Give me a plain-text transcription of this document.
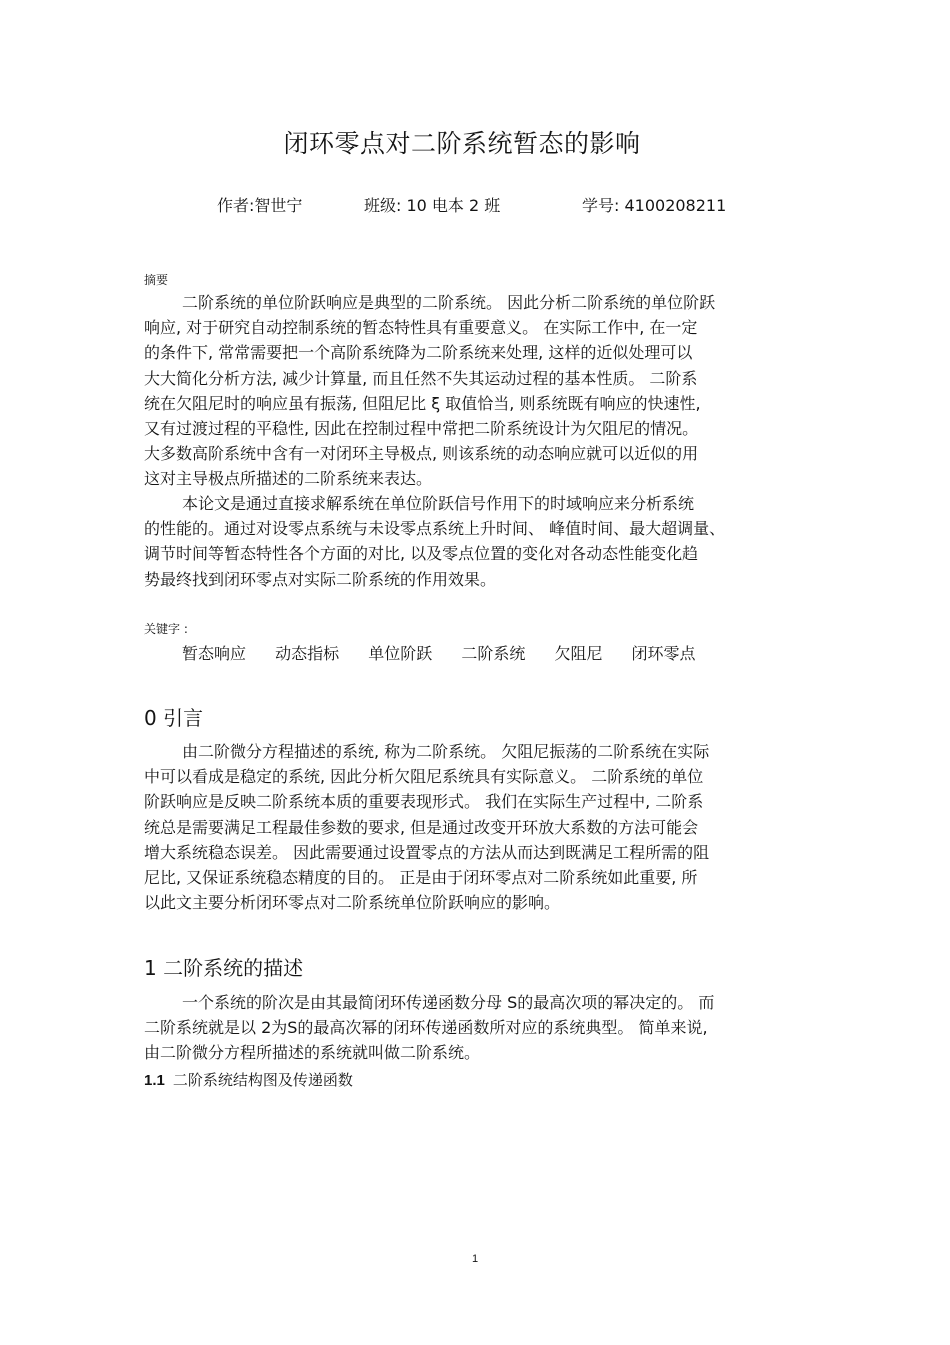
闭环零点对二阶系统暂态的影响
作者:智世宁	班级: 10 电本 2 班	学号: 4100208211
摘要
二阶系统的单位阶跃响应是典型的二阶系统。 因此分析二阶系统的单位阶跃
响应, 对于研究自动控制系统的暂态特性具有重要意义。 在实际工作中, 在一定
的条件下, 常常需要把一个高阶系统降为二阶系统来处理, 这样的近似处理可以
大大简化分析方法, 减少计算量, 而且任然不失其运动过程的基本性质。 二阶系
统在欠阻尼时的响应虽有振荡, 但阻尼比 ξ 取值恰当, 则系统既有响应的快速性,
又有过渡过程的平稳性, 因此在控制过程中常把二阶系统设计为欠阻尼的情况。
大多数高阶系统中含有一对闭环主导极点, 则该系统的动态响应就可以近似的用
这对主导极点所描述的二阶系统来表达。
本论文是通过直接求解系统在单位阶跃信号作用下的时域响应来分析系统
的性能的。通过对设零点系统与未设零点系统上升时间、 峰值时间、最大超调量、
调节时间等暂态特性各个方面的对比, 以及零点位置的变化对各动态性能变化趋
势最终找到闭环零点对实际二阶系统的作用效果。
关键字 :
暂态响应 动态指标 单位阶跃 二阶系统 欠阻尼 闭环零点
0 引言
由二阶微分方程描述的系统, 称为二阶系统。 欠阻尼振荡的二阶系统在实际
中可以看成是稳定的系统, 因此分析欠阻尼系统具有实际意义。 二阶系统的单位
阶跃响应是反映二阶系统本质的重要表现形式。 我们在实际生产过程中, 二阶系
统总是需要满足工程最佳参数的要求, 但是通过改变开环放大系数的方法可能会
增大系统稳态误差。 因此需要通过设置零点的方法从而达到既满足工程所需的阻
尼比, 又保证系统稳态精度的目的。 正是由于闭环零点对二阶系统如此重要, 所
以此文主要分析闭环零点对二阶系统单位阶跃响应的影响。
1 二阶系统的描述
一个系统的阶次是由其最简闭环传递函数分母 S的最高次项的幂决定的。 而
二阶系统就是以 2为S的最高次幂的闭环传递函数所对应的系统典型。 简单来说,
由二阶微分方程所描述的系统就叫做二阶系统。
1.1 二阶系统结构图及传递函数
1
